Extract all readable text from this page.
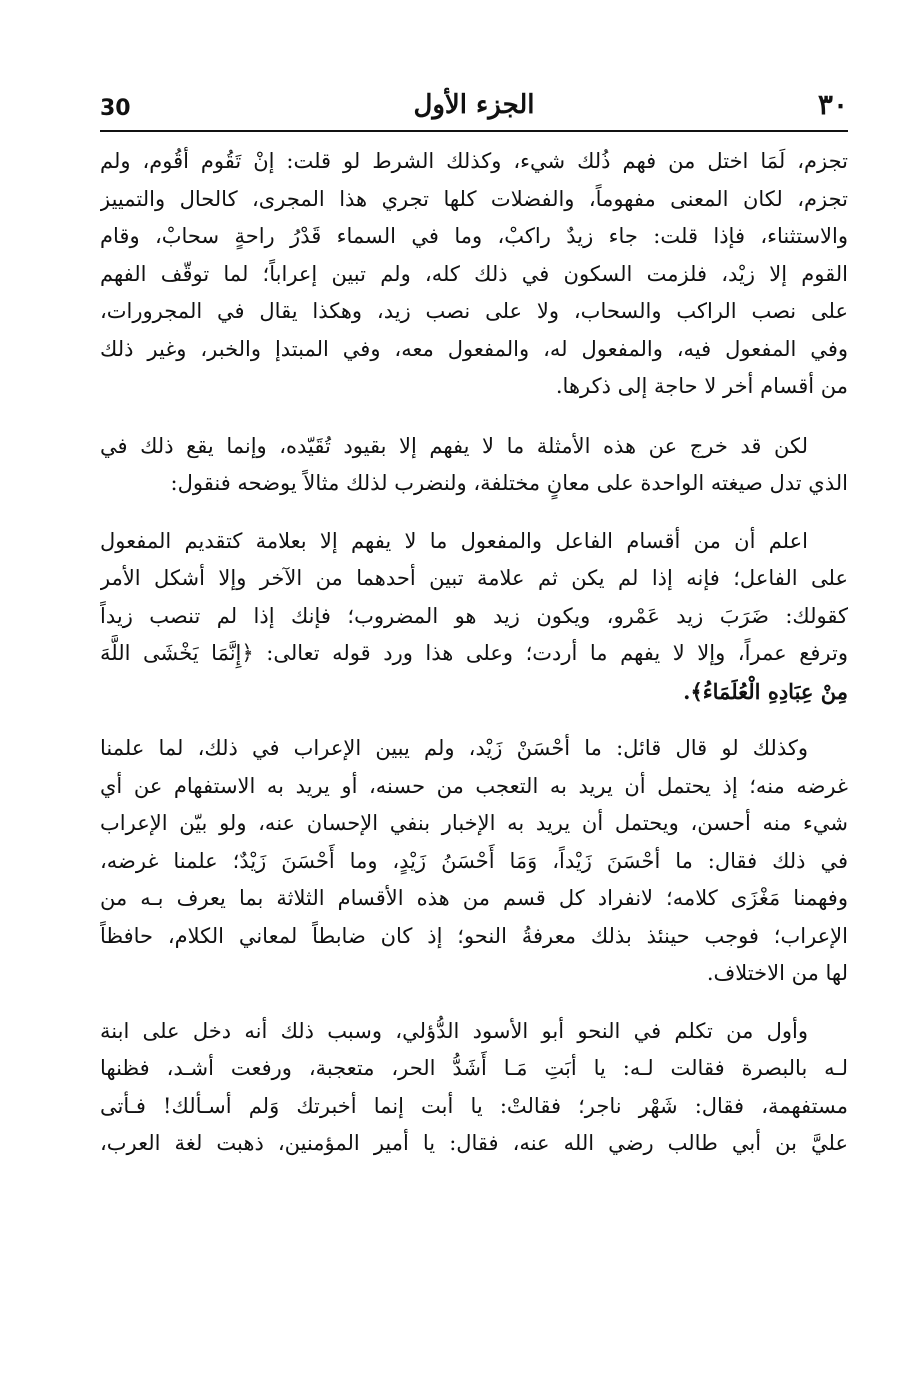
٣٠
الجزء الأول
30
تجزم، لَمَا اختل من فهم ذُلك شيء، وكذلك الشرط لو قلت: إنْ تَقُوم أقُوم، ولم
تجزم، لكان المعنى مفهوماً، والفضلات كلها تجري هذا المجرى، كالحال والتمييز
والاستثناء، فإذا قلت: جاء زيدٌ راكبْ، وما في السماء قَدْرُ راحةٍ سحابْ، وقام
القوم إلا زيْد، فلزمت السكون في ذلك كله، ولم تبين إعراباً؛ لما توقّف الفهم
على نصب الراكب والسحاب، ولا على نصب زيد، وهكذا يقال في المجرورات،
وفي المفعول فيه، والمفعول له، والمفعول معه، وفي المبتدإ والخبر، وغير ذلك
من أقسام أخر لا حاجة إلى ذكرها.
لكن قد خرج عن هذه الأمثلة ما لا يفهم إلا بقيود تُقَيّده، وإنما يقع ذلك في
الذي تدل صيغته الواحدة على معانٍ مختلفة، ولنضرب لذلك مثالاً يوضحه فنقول:
اعلم أن من أقسام الفاعل والمفعول ما لا يفهم إلا بعلامة كتقديم المفعول
على الفاعل؛ فإنه إذا لم يكن ثم علامة تبين أحدهما من الآخر وإلا أشكل الأمر
كقولك: ضَرَبَ زيد عَمْرو، ويكون زيد هو المضروب؛ فإنك إذا لم تنصب زيداً
وترفع عمراً، وإلا لا يفهم ما أردت؛ وعلى هذا ورد قوله تعالى: ﴿إِنَّمَا يَخْشَى اللَّهَ
مِنْ عِبَادِهِ الْعُلَمَاءُ﴾.
وكذلك لو قال قائل: ما أحْسَنْ زَيْد، ولم يبين الإعراب في ذلك، لما علمنا
غرضه منه؛ إذ يحتمل أن يريد به التعجب من حسنه، أو يريد به الاستفهام عن أي
شيء منه أحسن، ويحتمل أن يريد به الإخبار بنفي الإحسان عنه، ولو بيّن الإعراب
في ذلك فقال: ما أحْسَنَ زَيْداً، وَمَا أَحْسَنُ زَيْدٍ، وما أَحْسَنَ زَيْدٌ؛ علمنا غرضه،
وفهمنا مَغْزَى كلامه؛ لانفراد كل قسم من هذه الأقسام الثلاثة بما يعرف بـه من
الإعراب؛ فوجب حينئذ بذلك معرفةُ النحو؛ إذ كان ضابطاً لمعاني الكلام، حافظاً
لها من الاختلاف.
وأول من تكلم في النحو أبو الأسود الدُّؤلي، وسبب ذلك أنه دخل على ابنة
لـه بالبصرة فقالت لـه: يا أبَتِ مَـا أَشَدُّ الحر، متعجبة، ورفعت أشـد، فظنها
مستفهمة، فقال: شَهْر ناجر؛ فقالتْ: يا أبت إنما أخبرتك وَلم أسـألك! فـأتى
عليَّ بن أبي طالب رضي الله عنه، فقال: يا أمير المؤمنين، ذهبت لغة العرب،
